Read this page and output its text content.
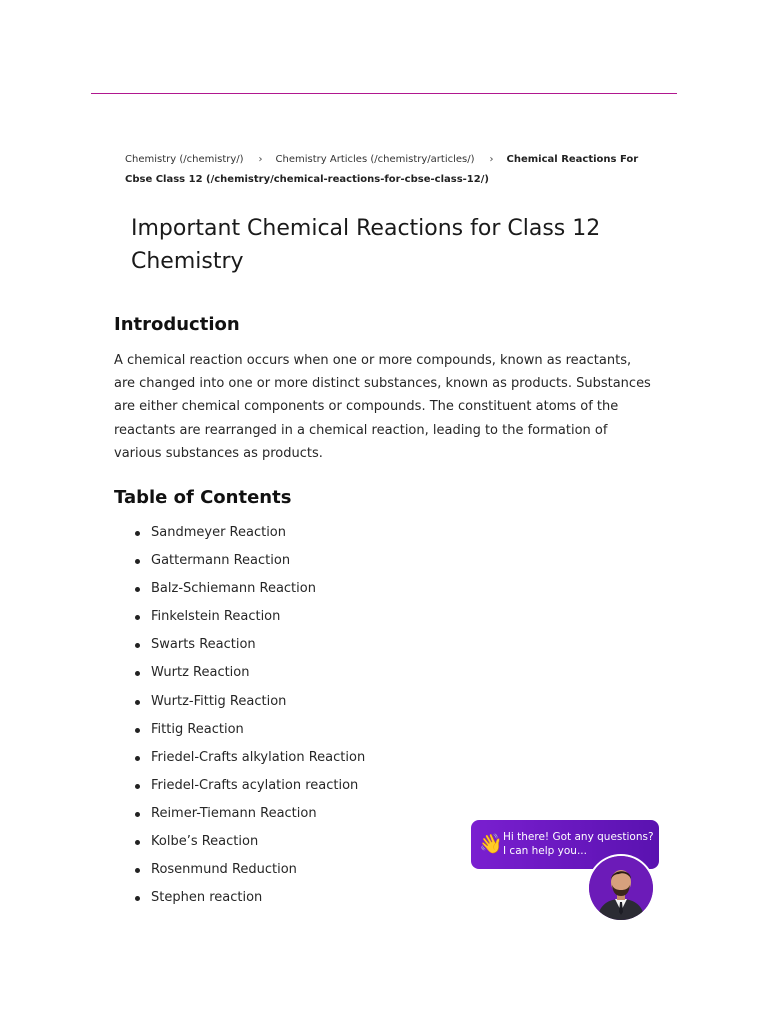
Chemistry (/chemistry/) › Chemistry Articles (/chemistry/articles/) › Chemical Reactions For Cbse Class 12 (/chemistry/chemical-reactions-for-cbse-class-12/)
Important Chemical Reactions for Class 12 Chemistry
Introduction

A chemical reaction occurs when one or more compounds, known as reactants, are changed into one or more distinct substances, known as products. Substances are either chemical components or compounds. The constituent atoms of the reactants are rearranged in a chemical reaction, leading to the formation of various substances as products.

Table of Contents
Sandmeyer Reaction
Gattermann Reaction
Balz-Schiemann Reaction
Finkelstein Reaction
Swarts Reaction
Wurtz Reaction
Wurtz-Fittig Reaction
Fittig Reaction
Friedel-Crafts alkylation Reaction
Friedel-Crafts acylation reaction
Reimer-Tiemann Reaction
Kolbe’s Reaction
Rosenmund Reduction
Stephen reaction
👋 Hi there! Got any questions? I can help you...
